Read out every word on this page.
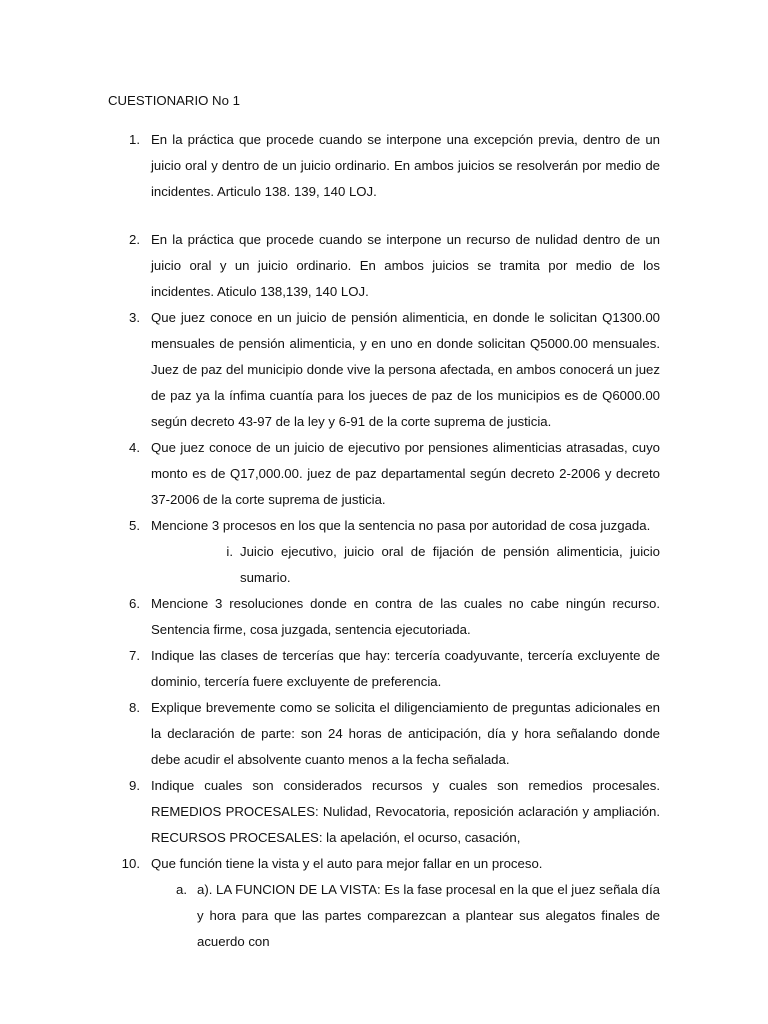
CUESTIONARIO No 1
1. En la práctica que procede cuando se interpone una excepción previa, dentro de un juicio oral y dentro de un juicio ordinario. En ambos juicios se resolverán por medio de incidentes. Articulo 138. 139, 140 LOJ.
2. En la práctica que procede cuando se interpone un recurso de nulidad dentro de un juicio oral y un juicio ordinario. En ambos juicios se tramita por medio de los incidentes. Aticulo 138,139, 140 LOJ.
3. Que juez conoce en un juicio de pensión alimenticia, en donde le solicitan Q1300.00 mensuales de pensión alimenticia, y en uno en donde solicitan Q5000.00 mensuales. Juez de paz del municipio donde vive la persona afectada, en ambos conocerá un juez de paz ya la ínfima cuantía para los jueces de paz de los municipios es de Q6000.00 según decreto 43-97 de la ley y 6-91 de la corte suprema de justicia.
4. Que juez conoce de un juicio de ejecutivo por pensiones alimenticias atrasadas, cuyo monto es de Q17,000.00. juez de paz departamental según decreto 2-2006 y decreto 37-2006 de la corte suprema de justicia.
5. Mencione 3 procesos en los que la sentencia no pasa por autoridad de cosa juzgada.
i. Juicio ejecutivo, juicio oral de fijación de pensión alimenticia, juicio sumario.
6. Mencione 3 resoluciones donde en contra de las cuales no cabe ningún recurso. Sentencia firme, cosa juzgada, sentencia ejecutoriada.
7. Indique las clases de tercerías que hay: tercería coadyuvante, tercería excluyente de dominio, tercería fuere excluyente de preferencia.
8. Explique brevemente como se solicita el diligenciamiento de preguntas adicionales en la declaración de parte: son 24 horas de anticipación, día y hora señalando donde debe acudir el absolvente cuanto menos a la fecha señalada.
9. Indique cuales son considerados recursos y cuales son remedios procesales. REMEDIOS PROCESALES: Nulidad, Revocatoria, reposición aclaración y ampliación. RECURSOS PROCESALES: la apelación, el ocurso, casación,
10. Que función tiene la vista y el auto para mejor fallar en un proceso.
a. a). LA FUNCION DE LA VISTA: Es la fase procesal en la que el juez señala día y hora para que las partes comparezcan a plantear sus alegatos finales de acuerdo con
